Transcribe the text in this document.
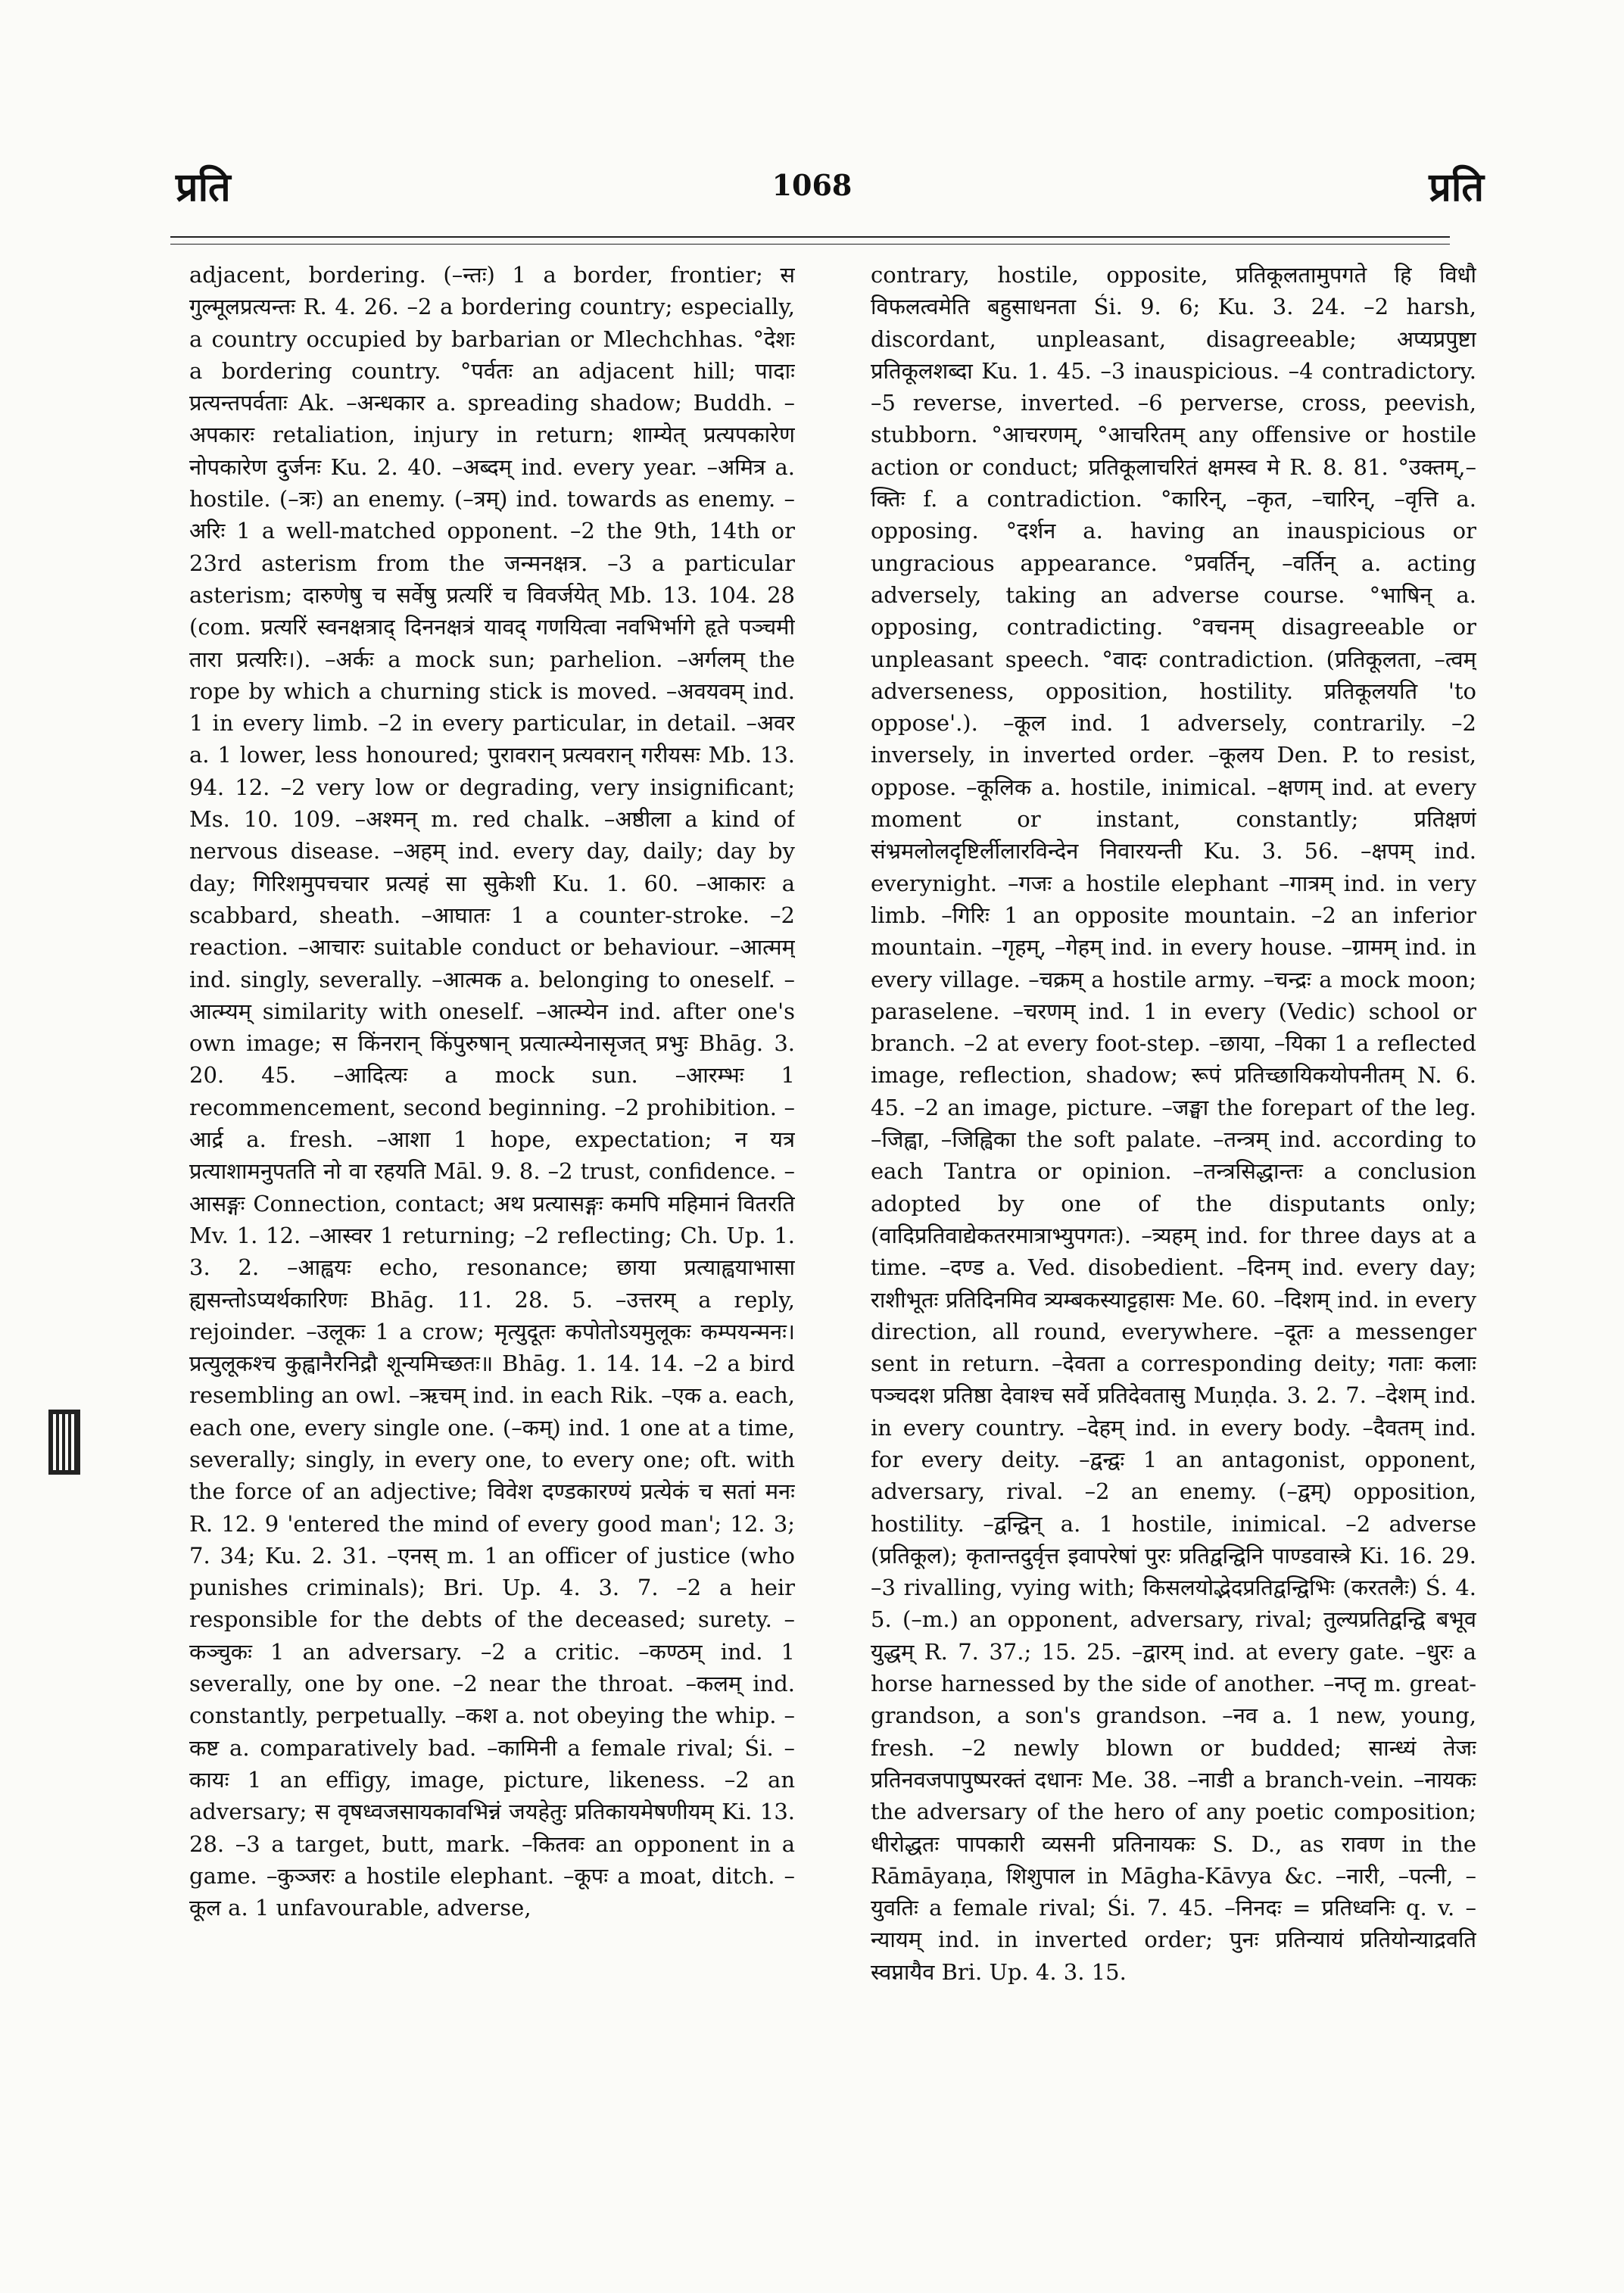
प्रति	1068	प्रति

adjacent, bordering. (–न्तः) 1 a border, frontier; स गुल्मूलप्रत्यन्तः R. 4. 26. –2 a bordering country; especially, a country occupied by barbarian or Mlechchhas. °देशः a bordering country. °पर्वतः an adjacent hill; पादाः प्रत्यन्तपर्वताः Ak. –अन्धकार a. spreading shadow; Buddh. –अपकारः retaliation, injury in return; शाम्येत् प्रत्यपकारेण नोपकारेण दुर्जनः Ku. 2. 40. –अब्दम् ind. every year. –अमित्र a. hostile. (–त्रः) an enemy. (–त्रम्) ind. towards as enemy. –अरिः 1 a well-matched opponent. –2 the 9th, 14th or 23rd asterism from the जन्मनक्षत्र. –3 a particular asterism; दारुणेषु च सर्वेषु प्रत्यरिं च विवर्जयेत् Mb. 13. 104. 28 (com. प्रत्यरिं स्वनक्षत्राद् दिननक्षत्रं यावद् गणयित्वा नवभिर्भागे हृते पञ्चमी तारा प्रत्यरिः।). –अर्कः a mock sun; parhelion. –अर्गलम् the rope by which a churning stick is moved. –अवयवम् ind. 1 in every limb. –2 in every particular, in detail. –अवर a. 1 lower, less honoured; पुरावरान् प्रत्यवरान् गरीयसः Mb. 13. 94. 12. –2 very low or degrading, very insignificant; Ms. 10. 109. –अश्मन् m. red chalk. –अष्ठीला a kind of nervous disease. –अहम् ind. every day, daily; day by day; गिरिशमुपचचार प्रत्यहं सा सुकेशी Ku. 1. 60. –आकारः a scabbard, sheath. –आघातः 1 a counter-stroke. –2 reaction. –आचारः suitable conduct or behaviour. –आत्मम् ind. singly, severally. –आत्मक a. belonging to oneself. –आत्म्यम् similarity with oneself. –आत्म्येन ind. after one's own image; स किंनरान् किंपुरुषान् प्रत्यात्म्येनासृजत् प्रभुः Bhāg. 3. 20. 45. –आदित्यः a mock sun. –आरम्भः 1 recommencement, second beginning. –2 prohibition. –आर्द्र a. fresh. –आशा 1 hope, expectation; न यत्र प्रत्याशामनुपतति नो वा रहयति Māl. 9. 8. –2 trust, confidence. –आसङ्गः Connection, contact; अथ प्रत्यासङ्गः कमपि महिमानं वितरति Mv. 1. 12. –आस्वर 1 returning; –2 reflecting; Ch. Up. 1. 3. 2. –आह्वयः echo, resonance; छाया प्रत्याह्वयाभासा ह्यसन्तोऽप्यर्थकारिणः Bhāg. 11. 28. 5. –उत्तरम् a reply, rejoinder. –उलूकः 1 a crow; मृत्युदूतः कपोतोऽयमुलूकः कम्पयन्मनः। प्रत्युलूकश्च कुह्वानैरनिद्रौ शून्यमिच्छतः॥ Bhāg. 1. 14. 14. –2 a bird resembling an owl. –ऋचम् ind. in each Rik. –एक a. each, each one, every single one. (–कम्) ind. 1 one at a time, severally; singly, in every one, to every one; oft. with the force of an adjective; विवेश दण्डकारण्यं प्रत्येकं च सतां मनः R. 12. 9 'entered the mind of every good man'; 12. 3; 7. 34; Ku. 2. 31. –एनस् m. 1 an officer of justice (who punishes criminals); Bri. Up. 4. 3. 7. –2 a heir responsible for the debts of the deceased; surety. –कञ्चुकः 1 an adversary. –2 a critic. –कण्ठम् ind. 1 severally, one by one. –2 near the throat. –कलम् ind. constantly, perpetually. –कश a. not obeying the whip. –कष्ट a. comparatively bad. –कामिनी a female rival; Śi. –कायः 1 an effigy, image, picture, likeness. –2 an adversary; स वृषध्वजसायकावभिन्नं जयहेतुः प्रतिकायमेषणीयम् Ki. 13. 28. –3 a target, butt, mark. –कितवः an opponent in a game. –कुञ्जरः a hostile elephant. –कूपः a moat, ditch. –कूल a. 1 unfavourable, adverse,

contrary, hostile, opposite, प्रतिकूलतामुपगते हि विधौ विफलत्वमेति बहुसाधनता Śi. 9. 6; Ku. 3. 24. –2 harsh, discordant, unpleasant, disagreeable; अप्यप्रपुष्टा प्रतिकूलशब्दा Ku. 1. 45. –3 inauspicious. –4 contradictory. –5 reverse, inverted. –6 perverse, cross, peevish, stubborn. °आचरणम्, °आचरितम् any offensive or hostile action or conduct; प्रतिकूलाचरितं क्षमस्व मे R. 8. 81. °उक्तम्,–क्तिः f. a contradiction. °कारिन्, –कृत, –चारिन्, –वृत्ति a. opposing. °दर्शन a. having an inauspicious or ungracious appearance. °प्रवर्तिन्, –वर्तिन् a. acting adversely, taking an adverse course. °भाषिन् a. opposing, contradicting. °वचनम् disagreeable or unpleasant speech. °वादः contradiction. (प्रतिकूलता, –त्वम् adverseness, opposition, hostility. प्रतिकूलयति 'to oppose'.). –कूल ind. 1 adversely, contrarily. –2 inversely, in inverted order. –कूलय Den. P. to resist, oppose. –कूलिक a. hostile, inimical. –क्षणम् ind. at every moment or instant, constantly; प्रतिक्षणं संभ्रमलोलदृष्टिर्लीलारविन्देन निवारयन्ती Ku. 3. 56. –क्षपम् ind. everynight. –गजः a hostile elephant –गात्रम् ind. in very limb. –गिरिः 1 an opposite mountain. –2 an inferior mountain. –गृहम्, –गेहम् ind. in every house. –ग्रामम् ind. in every village. –चक्रम् a hostile army. –चन्द्रः a mock moon; paraselene. –चरणम् ind. 1 in every (Vedic) school or branch. –2 at every foot-step. –छाया, –यिका 1 a reflected image, reflection, shadow; रूपं प्रतिच्छायिकयोपनीतम् N. 6. 45. –2 an image, picture. –जङ्घा the forepart of the leg. –जिह्वा, –जिह्विका the soft palate. –तन्त्रम् ind. according to each Tantra or opinion. –तन्त्रसिद्धान्तः a conclusion adopted by one of the disputants only; (वादिप्रतिवाद्येकतरमात्राभ्युपगतः). –त्र्यहम् ind. for three days at a time. –दण्ड a. Ved. disobedient. –दिनम् ind. every day; राशीभूतः प्रतिदिनमिव त्र्यम्बकस्याट्टहासः Me. 60. –दिशम् ind. in every direction, all round, everywhere. –दूतः a messenger sent in return. –देवता a corresponding deity; गताः कलाः पञ्चदश प्रतिष्ठा देवाश्च सर्वे प्रतिदेवतासु Muṇḍa. 3. 2. 7. –देशम् ind. in every country. –देहम् ind. in every body. –दैवतम् ind. for every deity. –द्वन्द्वः 1 an antagonist, opponent, adversary, rival. –2 an enemy. (–द्वम्) opposition, hostility. –द्वन्द्विन् a. 1 hostile, inimical. –2 adverse (प्रतिकूल); कृतान्तदुर्वृत्त इवापरेषां पुरः प्रतिद्वन्द्विनि पाण्डवास्त्रे Ki. 16. 29. –3 rivalling, vying with; किसलयोद्भेदप्रतिद्वन्द्विभिः (करतलैः) Ś. 4. 5. (–m.) an opponent, adversary, rival; तुल्यप्रतिद्वन्द्वि बभूव युद्धम् R. 7. 37.; 15. 25. –द्वारम् ind. at every gate. –धुरः a horse harnessed by the side of another. –नप्तृ m. great-grandson, a son's grandson. –नव a. 1 new, young, fresh. –2 newly blown or budded; सान्ध्यं तेजः प्रतिनवजपापुष्परक्तं दधानः Me. 38. –नाडी a branch-vein. –नायकः the adversary of the hero of any poetic composition; धीरोद्धतः पापकारी व्यसनी प्रतिनायकः S. D., as रावण in the Rāmāyaṇa, शिशुपाल in Māgha-Kāvya &c. –नारी, –पत्नी, –युवतिः a female rival; Śi. 7. 45. –निनदः = प्रतिध्वनिः q. v. –न्यायम् ind. in inverted order; पुनः प्रतिन्यायं प्रतियोन्याद्रवति स्वप्नायैव Bri. Up. 4. 3. 15.
